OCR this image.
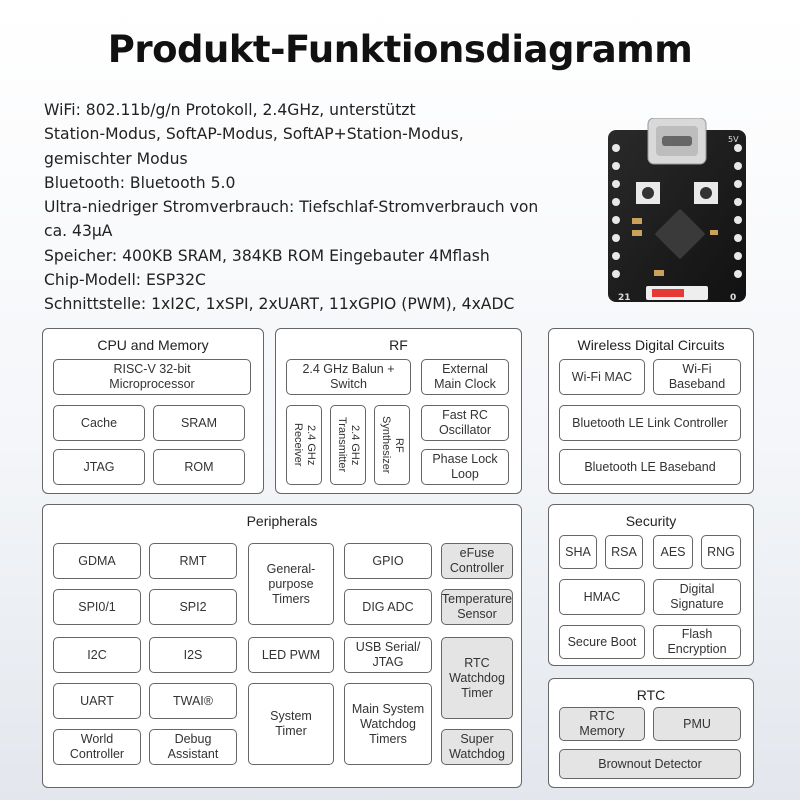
Produkt-Funktionsdiagramm
WiFi: 802.11b/g/n Protokoll, 2.4GHz, unterstützt
Station-Modus, SoftAP-Modus, SoftAP+Station-Modus,
gemischter Modus
Bluetooth: Bluetooth 5.0
Ultra-niedriger Stromverbrauch: Tiefschlaf-Stromverbrauch von
ca. 43µA
Speicher: 400KB SRAM, 384KB ROM Eingebauter 4Mflash
Chip-Modell: ESP32C
Schnittstelle: 1xI2C, 1xSPI, 2xUART, 11xGPIO (PWM), 4xADC	21	0
5V
CPU and Memory
RISC-V 32-bit
Microprocessor
Cache	SRAM
JTAG	ROM
RF
2.4 GHz Balun +
Switch
External
Main Clock
2.4 GHz
Receiver	2.4 GHz
Transmitter	RF
Synthesizer
Fast RC
Oscillator
Phase Lock
Loop
Wireless Digital Circuits
Wi-Fi MAC
Wi-Fi
Baseband
Bluetooth LE Link Controller
Bluetooth LE Baseband
Peripherals
GDMA	RMT
General-
purpose
Timers
GPIO
eFuse
Controller
SPI0/1	SPI2	DIG ADC
Temperature
Sensor
I2C	I2S	LED PWM
USB Serial/
JTAG	RTC
Watchdog
Timer
UART	TWAI®
System
Timer
Main System
Watchdog
Timers
World
Controller
Debug
Assistant
Super
Watchdog
Security
SHA RSA AES RNG
HMAC
Digital
Signature
Secure Boot
Flash
Encryption
RTC
RTC
Memory
PMU
Brownout Detector
